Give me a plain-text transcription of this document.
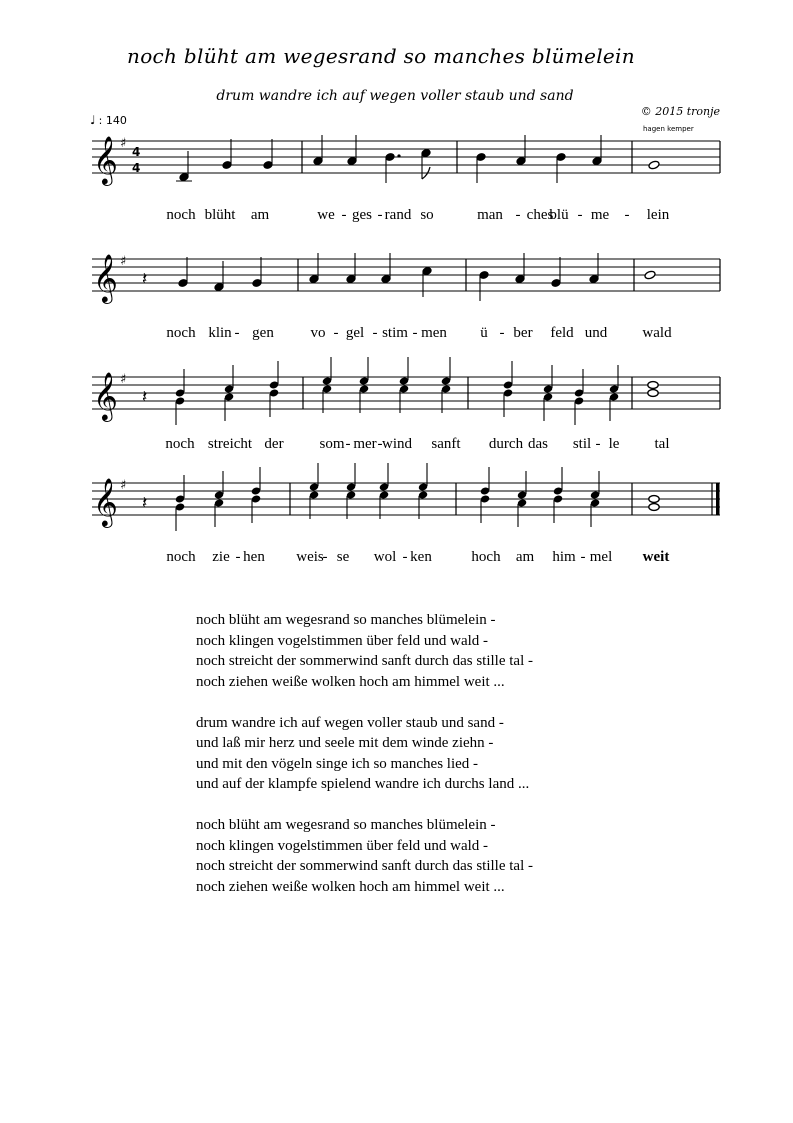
noch blüht am wegesrand so manches blümelein
drum wandre ich auf wegen voller staub und sand
© 2015 tronje
hagen kemper
♩ : 140
𝄞 ♯
4
4
noch blüht am	we - ges - rand so	man - ches
blü - me - lein
𝄞 ♯
𝄽
noch klin - gen vo - gel - stim - men ü - ber feld und wald
𝄞 ♯
𝄽
noch streicht der som - mer - wind sanft durch das stil - le tal
𝄞 ♯
𝄽
noch zie - hen weis
- se wol - ken	hoch am him - mel weit
noch blüht am wegesrand so manches blümelein -
noch klingen vogelstimmen über feld und wald -
noch streicht der sommerwind sanft durch das stille tal -
noch ziehen weiße wolken hoch am himmel weit ...
drum wandre ich auf wegen voller staub und sand -
und laß mir herz und seele mit dem winde ziehn -
und mit den vögeln singe ich so manches lied -
und auf der klampfe spielend wandre ich durchs land ...
noch blüht am wegesrand so manches blümelein -
noch klingen vogelstimmen über feld und wald -
noch streicht der sommerwind sanft durch das stille tal -
noch ziehen weiße wolken hoch am himmel weit ...
